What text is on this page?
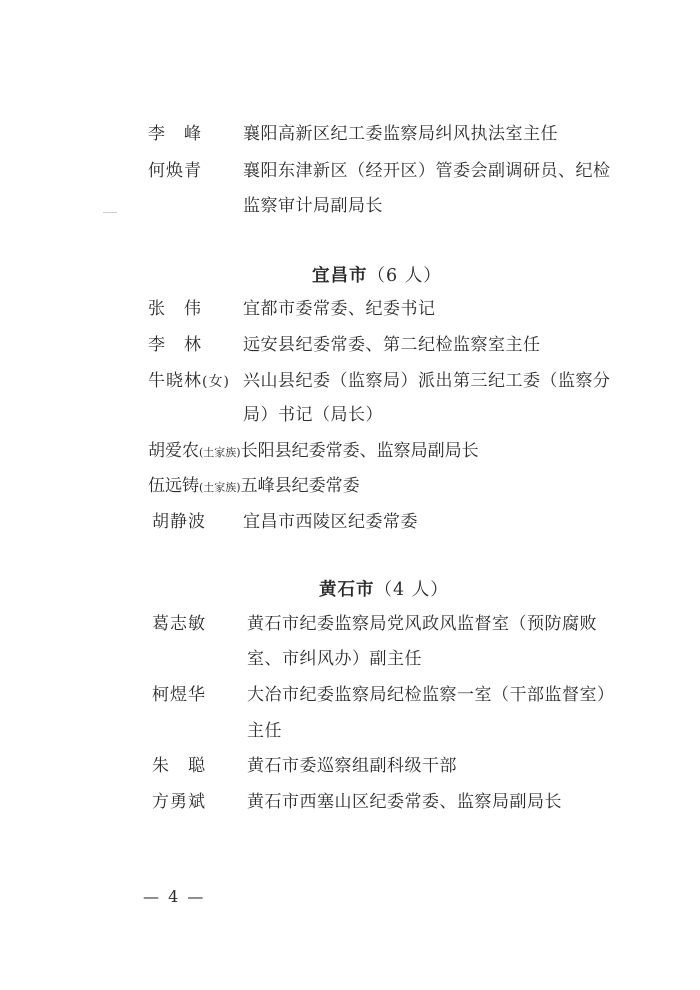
李　峰 襄阳高新区纪工委监察局纠风执法室主任
何焕青 襄阳东津新区（经开区）管委会副调研员、纪检
监察审计局副局长
宜昌市（6 人）
张　伟 宜都市委常委、纪委书记
李　林 远安县纪委常委、第二纪检监察室主任
牛晓林(女) 兴山县纪委（监察局）派出第三纪工委（监察分
局）书记（局长）
胡爱农(土家族)长阳县纪委常委、监察局副局长
伍远铸(土家族)五峰县纪委常委
胡静波 宜昌市西陵区纪委常委
黄石市（4 人）
葛志敏 黄石市纪委监察局党风政风监督室（预防腐败
室、市纠风办）副主任
柯煜华 大冶市纪委监察局纪检监察一室（干部监督室）
主任
朱　聪 黄石市委巡察组副科级干部
方勇斌 黄石市西塞山区纪委常委、监察局副局长
— 4 —
